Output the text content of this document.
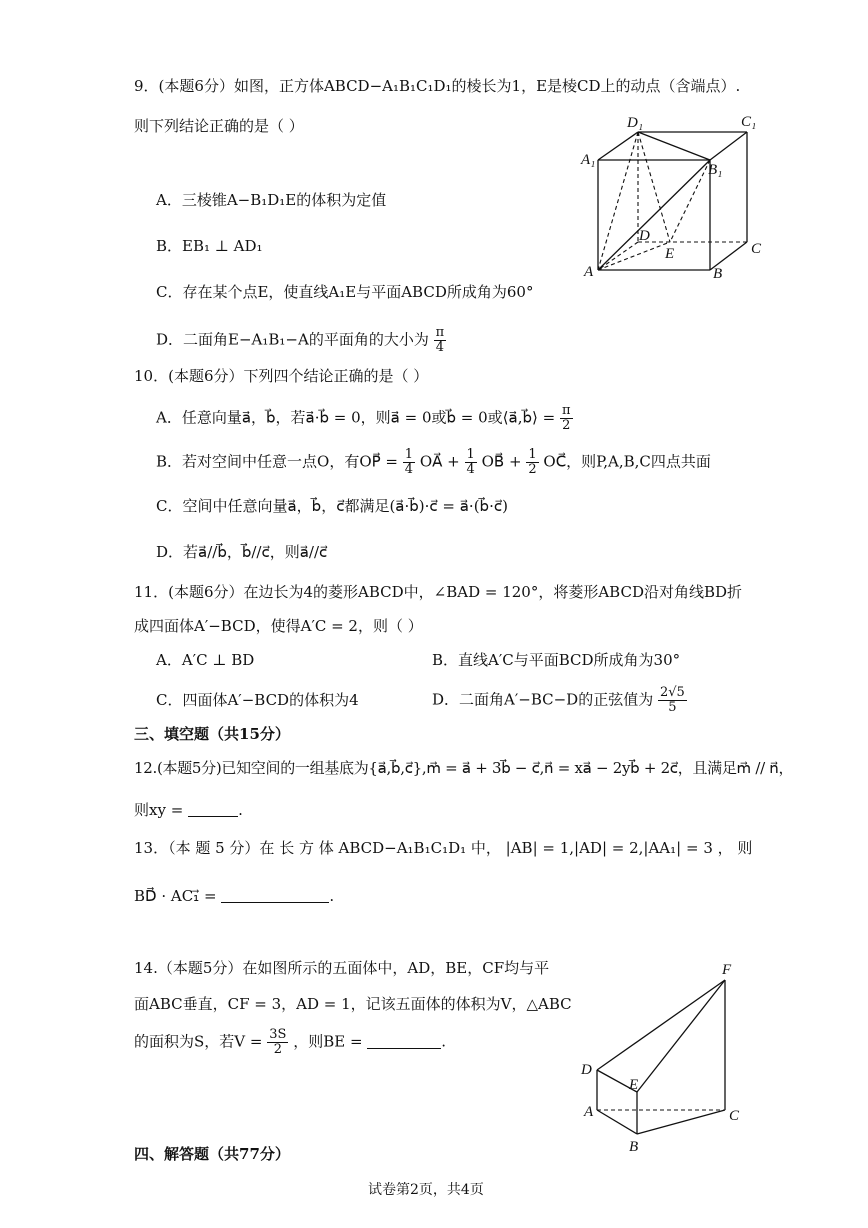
9．(本题6分）如图，正方体ABCD−A₁B₁C₁D₁的棱长为1，E是棱CD上的动点（含端点）.
则下列结论正确的是（ ）
A．三棱锥A−B₁D₁E的体积为定值
B．EB₁ ⊥ AD₁
C．存在某个点E，使直线A₁E与平面ABCD所成角为60°
D．二面角E−A₁B₁−A的平面角的大小为 $\frac{\pi}{4}$
D₁	C₁
A₁
B₁
D
E	C
A	B
10．(本题6分）下列四个结论正确的是（ ）
A．任意向量a⃗，b⃗，若a⃗·b⃗ = 0，则a⃗ = 0或b⃗ = 0或⟨a⃗,b⃗⟩ = $\frac{\pi}{2}$
B．若对空间中任意一点O，有OP⃗ = $\frac{1}{4}$ OA⃗ + $\frac{1}{4}$ OB⃗ + $\frac{1}{2}$ OC⃗，则P,A,B,C四点共面
C．空间中任意向量a⃗，b⃗，c⃗都满足(a⃗·b⃗)·c⃗ = a⃗·(b⃗·c⃗)
D．若a⃗//b⃗，b⃗//c⃗，则a⃗//c⃗
11．(本题6分）在边长为4的菱形ABCD中，∠BAD = 120°，将菱形ABCD沿对角线BD折
成四面体A′−BCD，使得A′C = 2，则（ ）
A．A′C ⊥ BD	B．直线A′C与平面BCD所成角为30°
C．四面体A′−BCD的体积为4	D．二面角A′−BC−D的正弦值为 $\frac{2√5}{5}$
三、填空题（共15分）
12.(本题5分)已知空间的一组基底为{a⃗,b⃗,c⃗},m⃗ = a⃗ + 3b⃗ − c⃗,n⃗ = xa⃗ − 2yb⃗ + 2c⃗，且满足m⃗ // n⃗，
则xy =	.
13．（本 题 5 分）在 长 方 体 ABCD−A₁B₁C₁D₁ 中， |AB| = 1,|AD| = 2,|AA₁| = 3 ， 则
BD⃗ · AC₁⃗ =	.
14.（本题5分）在如图所示的五面体中，AD，BE，CF均与平
面ABC垂直，CF = 3，AD = 1，记该五面体的体积为V，△ABC
的面积为S，若$V = \frac{3S}{2}$ ，则BE =	.
F
D
E
A	C
B
四、解答题（共77分）
试卷第2页，共4页
